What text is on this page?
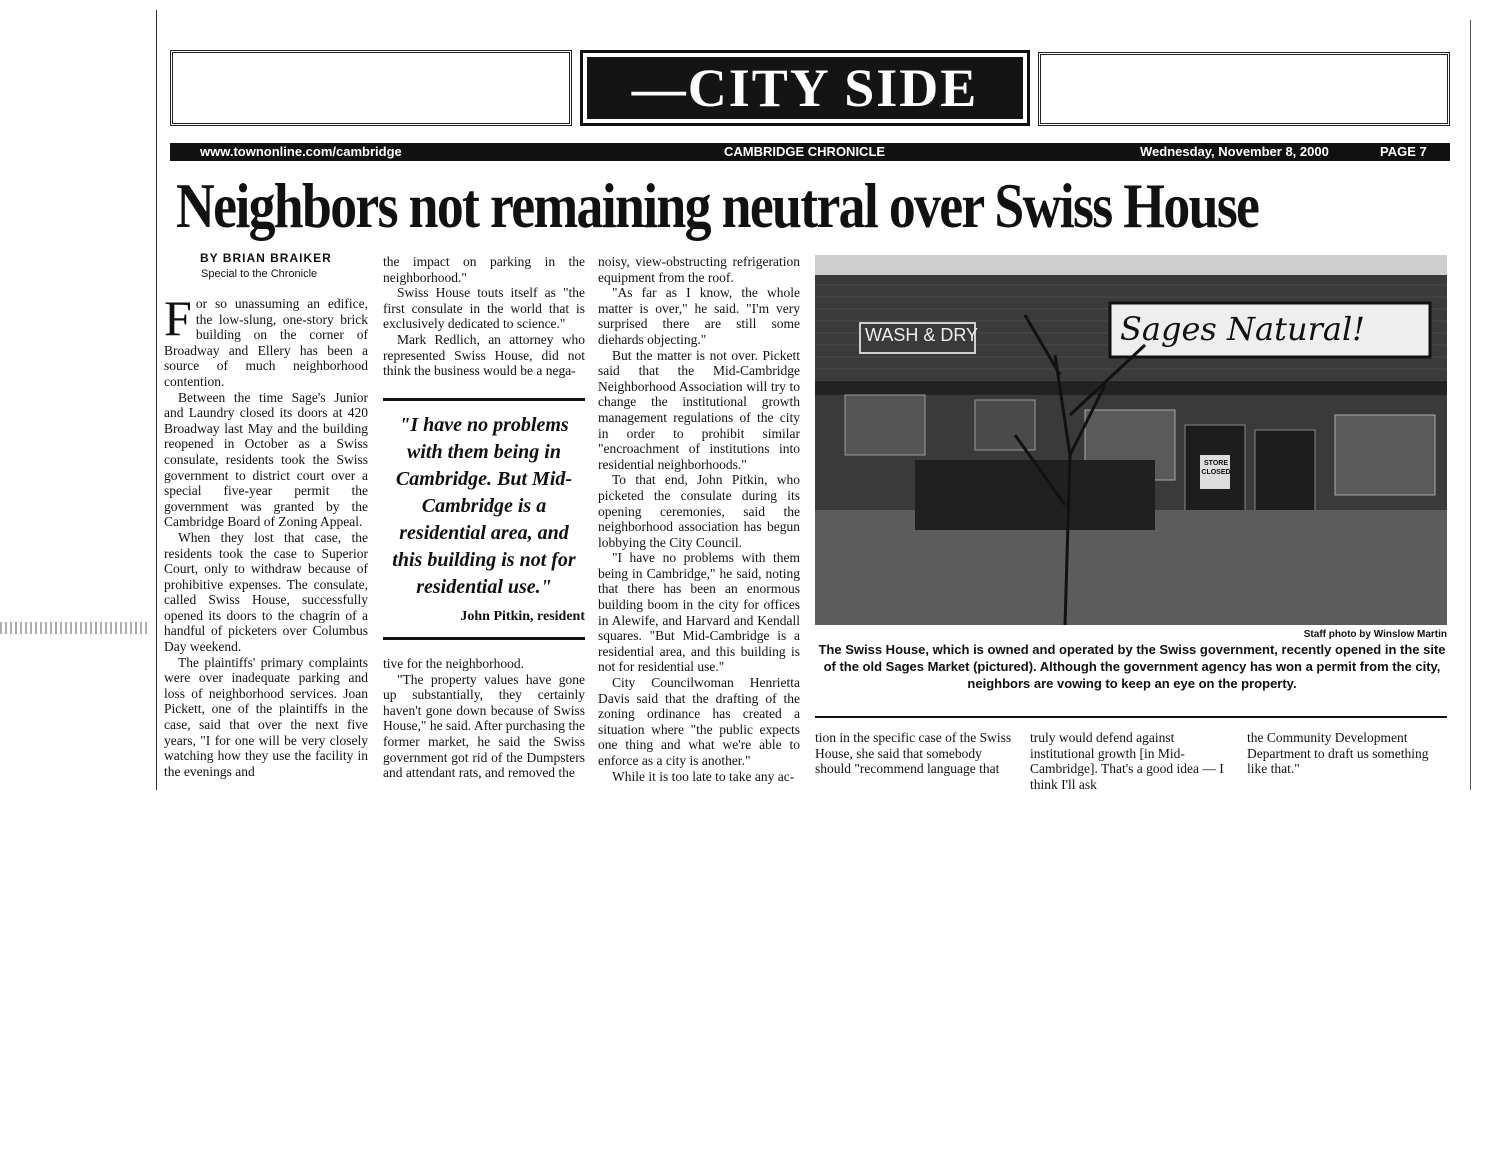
—CITY SIDE
www.townonline.com/cambridge	CAMBRIDGE CHRONICLE	Wednesday, November 8, 2000	PAGE 7
Neighbors not remaining neutral over Swiss House
BY BRIAN BRAIKER
Special to the Chronicle

For so unassuming an edifice, the low-slung, one-story brick building on the corner of Broadway and Ellery has been a source of much neighborhood contention.

Between the time Sage's Junior and Laundry closed its doors at 420 Broadway last May and the building reopened in October as a Swiss consulate, residents took the Swiss government to district court over a special five-year permit the government was granted by the Cambridge Board of Zoning Appeal.

When they lost that case, the residents took the case to Superior Court, only to withdraw because of prohibitive expenses. The consulate, called Swiss House, successfully opened its doors to the chagrin of a handful of picketers over Columbus Day weekend.

The plaintiffs' primary complaints were over inadequate parking and loss of neighborhood services. Joan Pickett, one of the plaintiffs in the case, said that over the next five years, "I for one will be very closely watching how they use the facility in the evenings and

the impact on parking in the neighborhood."

Swiss House touts itself as "the first consulate in the world that is exclusively dedicated to science."

Mark Redlich, an attorney who represented Swiss House, did not think the business would be a nega-

"I have no problems with them being in Cambridge. But Mid-Cambridge is a residential area, and this building is not for residential use."
John Pitkin, resident

tive for the neighborhood.

"The property values have gone up substantially, they certainly haven't gone down because of Swiss House," he said. After purchasing the former market, he said the Swiss government got rid of the Dumpsters and attendant rats, and removed the

noisy, view-obstructing refrigeration equipment from the roof.

"As far as I know, the whole matter is over," he said. "I'm very surprised there are still some diehards objecting."

But the matter is not over. Pickett said that the Mid-Cambridge Neighborhood Association will try to change the institutional growth management regulations of the city in order to prohibit similar "encroachment of institutions into residential neighborhoods."

To that end, John Pitkin, who picketed the consulate during its opening ceremonies, said the neighborhood association has begun lobbying the City Council.

"I have no problems with them being in Cambridge," he said, noting that there has been an enormous building boom in the city for offices in Alewife, and Harvard and Kendall squares. "But Mid-Cambridge is a residential area, and this building is not for residential use."

City Councilwoman Henrietta Davis said that the drafting of the zoning ordinance has created a situation where "the public expects one thing and what we're able to enforce as a city is another."

While it is too late to take any ac-

WASH & DRY	Sages Natural!
STORE CLOSED
Staff photo by Winslow Martin
The Swiss House, which is owned and operated by the Swiss government, recently opened in the site of the old Sages Market (pictured). Although the government agency has won a permit from the city, neighbors are vowing to keep an eye on the property.
tion in the specific case of the Swiss House, she said that somebody should "recommend language that
truly would defend against institutional growth [in Mid-Cambridge]. That's a good idea — I think I'll ask
the Community Development Department to draft us something like that."
